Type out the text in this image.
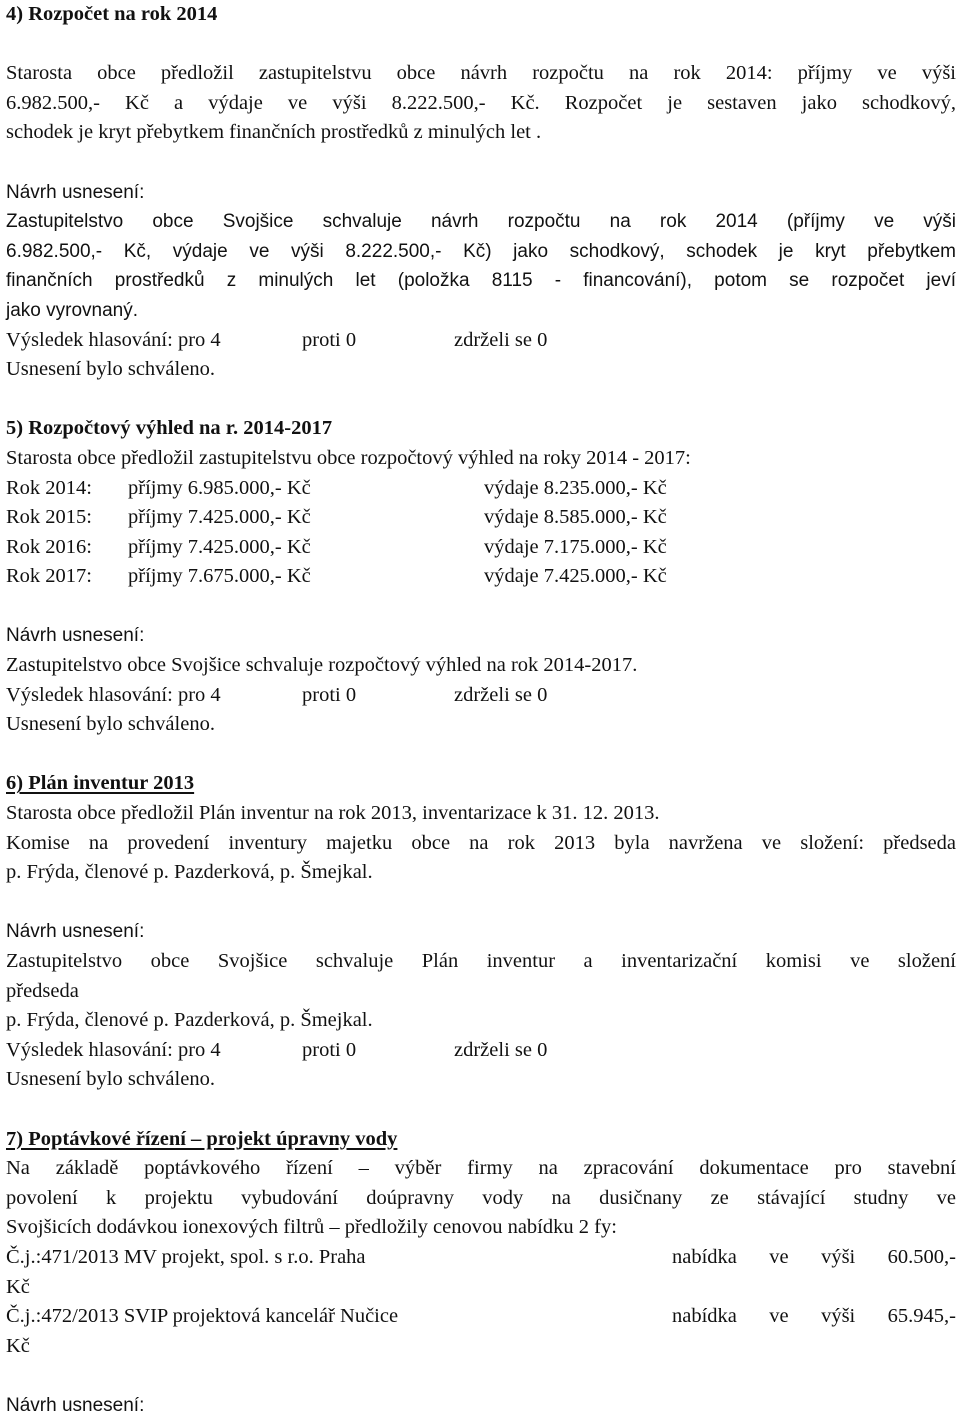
4) Rozpočet na rok 2014

Starosta obce předložil zastupitelstvu obce návrh rozpočtu na rok 2014: příjmy ve výši

6.982.500,- Kč a výdaje ve výši 8.222.500,- Kč. Rozpočet je sestaven jako schodkový,

schodek je kryt přebytkem finančních prostředků z minulých let .

Návrh usnesení:

Zastupitelstvo obce Svojšice schvaluje návrh rozpočtu na rok 2014 (příjmy ve výši

6.982.500,- Kč, výdaje ve výši 8.222.500,- Kč) jako schodkový, schodek je kryt přebytkem

finančních prostředků z minulých let (položka 8115 - financování), potom se rozpočet jeví

jako vyrovnaný.

Výsledek hlasování: pro 4	proti 0	zdrželi se 0

Usnesení bylo schváleno.

5) Rozpočtový výhled na r. 2014-2017

Starosta obce předložil zastupitelstvu obce rozpočtový výhled na roky 2014 - 2017:

Rok 2014: příjmy 6.985.000,- Kč	výdaje 8.235.000,- Kč

Rok 2015: příjmy 7.425.000,- Kč	výdaje 8.585.000,- Kč

Rok 2016: příjmy 7.425.000,- Kč	výdaje 7.175.000,- Kč

Rok 2017: příjmy 7.675.000,- Kč	výdaje 7.425.000,- Kč

Návrh usnesení:

Zastupitelstvo obce Svojšice schvaluje rozpočtový výhled na rok 2014-2017.

Výsledek hlasování: pro 4	proti 0	zdrželi se 0

Usnesení bylo schváleno.

6) Plán inventur 2013

Starosta obce předložil Plán inventur na rok 2013, inventarizace k 31. 12. 2013.

Komise na provedení inventury majetku obce na rok 2013 byla navržena ve složení: předseda

p. Frýda, členové p. Pazderková, p. Šmejkal.

Návrh usnesení:

Zastupitelstvo obce Svojšice schvaluje Plán inventur a inventarizační komisi ve složení

předseda

p. Frýda, členové p. Pazderková, p. Šmejkal.

Výsledek hlasování: pro 4	proti 0	zdrželi se 0

Usnesení bylo schváleno.

7) Poptávkové řízení – projekt úpravny vody

Na základě poptávkového řízení – výběr firmy na zpracování dokumentace pro stavební

povolení k projektu vybudování doúpravny vody na dusičnany ze stávající studny ve

Svojšicích dodávkou ionexových filtrů – předložily cenovou nabídku 2 fy:

Č.j.:471/2013 MV projekt, spol. s r.o. Praha	nabídka ve výši 60.500,-

Kč

Č.j.:472/2013 SVIP projektová kancelář Nučice	nabídka ve výši 65.945,-

Kč

Návrh usnesení:
